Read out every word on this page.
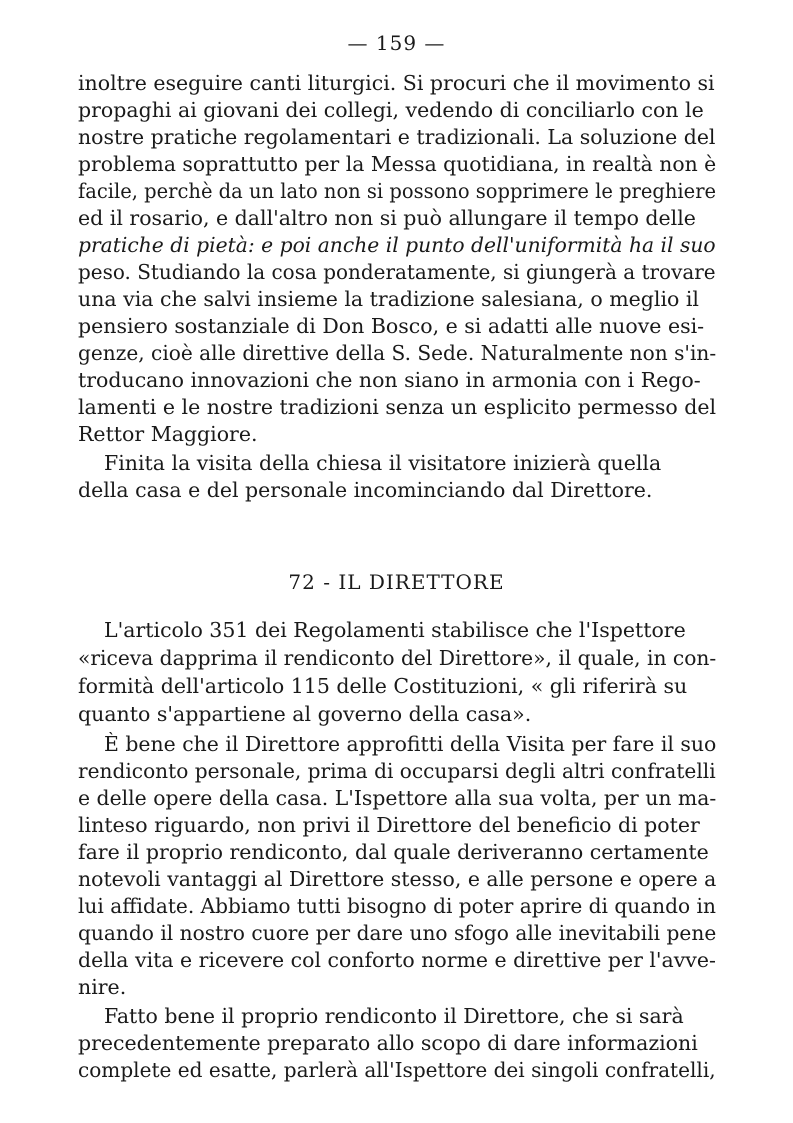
— 159 —
inoltre eseguire canti liturgici. Si procuri che il movimento si
propaghi ai giovani dei collegi, vedendo di conciliarlo con le
nostre pratiche regolamentari e tradizionali. La soluzione del
problema soprattutto per la Messa quotidiana, in realtà non è
facile, perchè da un lato non si possono sopprimere le preghiere
ed il rosario, e dall'altro non si può allungare il tempo delle
pratiche di pietà: e poi anche il punto dell'uniformità ha il suo
peso. Studiando la cosa ponderatamente, si giungerà a trovare
una via che salvi insieme la tradizione salesiana, o meglio il
pensiero sostanziale di Don Bosco, e si adatti alle nuove esi-
genze, cioè alle direttive della S. Sede. Naturalmente non s'in-
troducano innovazioni che non siano in armonia con i Rego-
lamenti e le nostre tradizioni senza un esplicito permesso del
Rettor Maggiore.
Finita la visita della chiesa il visitatore inizierà quella
della casa e del personale incominciando dal Direttore.
72 - IL DIRETTORE
L'articolo 351 dei Regolamenti stabilisce che l'Ispettore
«riceva dapprima il rendiconto del Direttore», il quale, in con-
formità dell'articolo 115 delle Costituzioni, « gli riferirà su
quanto s'appartiene al governo della casa».
È bene che il Direttore approfitti della Visita per fare il suo
rendiconto personale, prima di occuparsi degli altri confratelli
e delle opere della casa. L'Ispettore alla sua volta, per un ma-
linteso riguardo, non privi il Direttore del beneficio di poter
fare il proprio rendiconto, dal quale deriveranno certamente
notevoli vantaggi al Direttore stesso, e alle persone e opere a
lui affidate. Abbiamo tutti bisogno di poter aprire di quando in
quando il nostro cuore per dare uno sfogo alle inevitabili pene
della vita e ricevere col conforto norme e direttive per l'avve-
nire.
Fatto bene il proprio rendiconto il Direttore, che si sarà
precedentemente preparato allo scopo di dare informazioni
complete ed esatte, parlerà all'Ispettore dei singoli confratelli,
